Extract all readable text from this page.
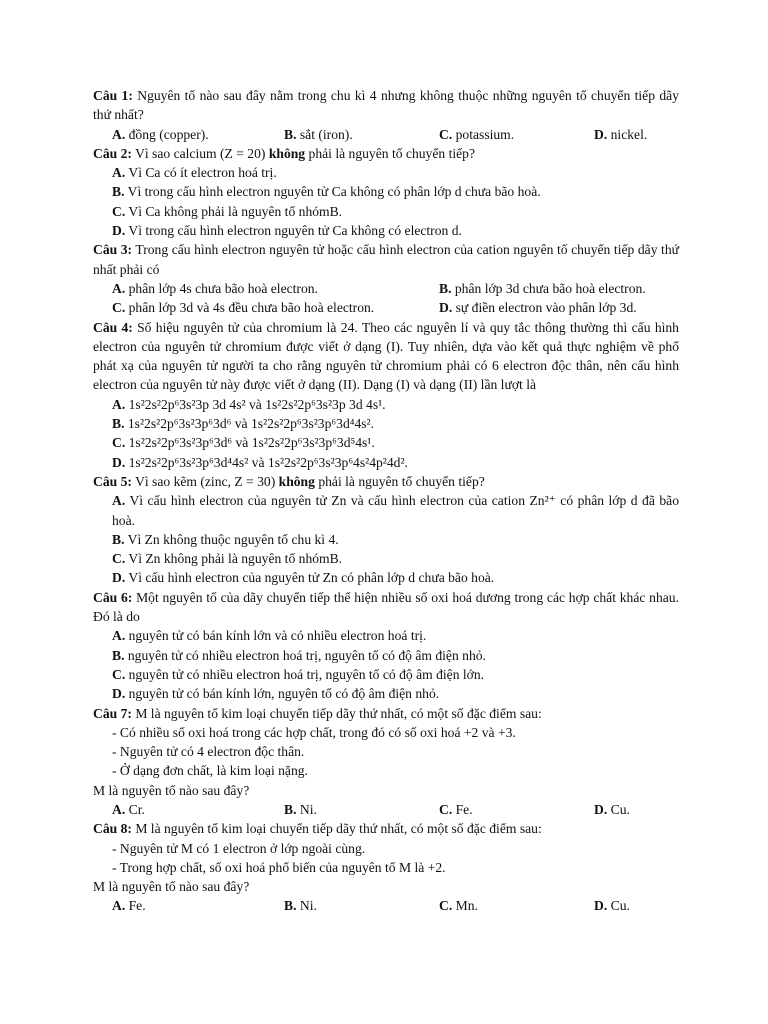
Câu 1: Nguyên tố nào sau đây nằm trong chu kì 4 nhưng không thuộc những nguyên tố chuyển tiếp dãy thứ nhất?
A. đồng (copper).	B. sắt (iron).	C. potassium.	D. nickel.
Câu 2: Vì sao calcium (Z = 20) không phải là nguyên tố chuyển tiếp?
A. Vì Ca có ít electron hoá trị.
B. Vì trong cấu hình electron nguyên tử Ca không có phân lớp d chưa bão hoà.
C. Vì Ca không phải là nguyên tố nhómB.
D. Vì trong cấu hình electron nguyên tử Ca không có electron d.
Câu 3: Trong cấu hình electron nguyên tử hoặc cấu hình electron của cation nguyên tố chuyển tiếp dãy thứ nhất phải có
A. phân lớp 4s chưa bão hoà electron.	B. phân lớp 3d chưa bão hoà electron.
C. phân lớp 3d và 4s đều chưa bão hoà electron.	D. sự điền electron vào phân lớp 3d.
Câu 4: Số hiệu nguyên tử của chromium là 24. Theo các nguyên lí và quy tắc thông thường thì cấu hình electron của nguyên tử chromium được viết ở dạng (I). Tuy nhiên, dựa vào kết quả thực nghiệm về phổ phát xạ của nguyên tử người ta cho rằng nguyên tử chromium phải có 6 electron độc thân, nên cấu hình electron của nguyên tử này được viết ở dạng (II). Dạng (I) và dạng (II) lần lượt là
A. 1s²2s²2p⁶3s²3p 3d 4s² và 1s²2s²2p⁶3s²3p 3d 4s¹.
B. 1s²2s²2p⁶3s²3p⁶3d⁶ và 1s²2s²2p⁶3s²3p⁶3d⁴4s².
C. 1s²2s²2p⁶3s²3p⁶3d⁶ và 1s²2s²2p⁶3s²3p⁶3d⁵4s¹.
D. 1s²2s²2p⁶3s²3p⁶3d⁴4s² và 1s²2s²2p⁶3s²3p⁶4s²4p²4d².
Câu 5: Vì sao kẽm (zinc, Z = 30) không phải là nguyên tố chuyển tiếp?
A. Vì cấu hình electron của nguyên tử Zn và cấu hình electron của cation Zn²⁺ có phân lớp d đã bão hoà.
B. Vì Zn không thuộc nguyên tố chu kì 4.
C. Vì Zn không phải là nguyên tố nhómB.
D. Vì cấu hình electron của nguyên tử Zn có phân lớp d chưa bão hoà.
Câu 6: Một nguyên tố của dãy chuyển tiếp thể hiện nhiều số oxi hoá dương trong các hợp chất khác nhau. Đó là do
A. nguyên tử có bán kính lớn và có nhiều electron hoá trị.
B. nguyên tử có nhiều electron hoá trị, nguyên tố có độ âm điện nhỏ.
C. nguyên tử có nhiều electron hoá trị, nguyên tố có độ âm điện lớn.
D. nguyên tử có bán kính lớn, nguyên tố có độ âm điện nhỏ.
Câu 7: M là nguyên tố kim loại chuyển tiếp dãy thứ nhất, có một số đặc điểm sau:
- Có nhiều số oxi hoá trong các hợp chất, trong đó có số oxi hoá +2 và +3.
- Nguyên tử có 4 electron độc thân.
- Ở dạng đơn chất, là kim loại nặng.
M là nguyên tố nào sau đây?
A. Cr.	B. Ni.	C. Fe.	D. Cu.
Câu 8: M là nguyên tố kim loại chuyển tiếp dãy thứ nhất, có một số đặc điểm sau:
- Nguyên tử M có 1 electron ở lớp ngoài cùng.
- Trong hợp chất, số oxi hoá phổ biến của nguyên tố M là +2.
M là nguyên tố nào sau đây?
A. Fe.	B. Ni.	C. Mn.	D. Cu.
